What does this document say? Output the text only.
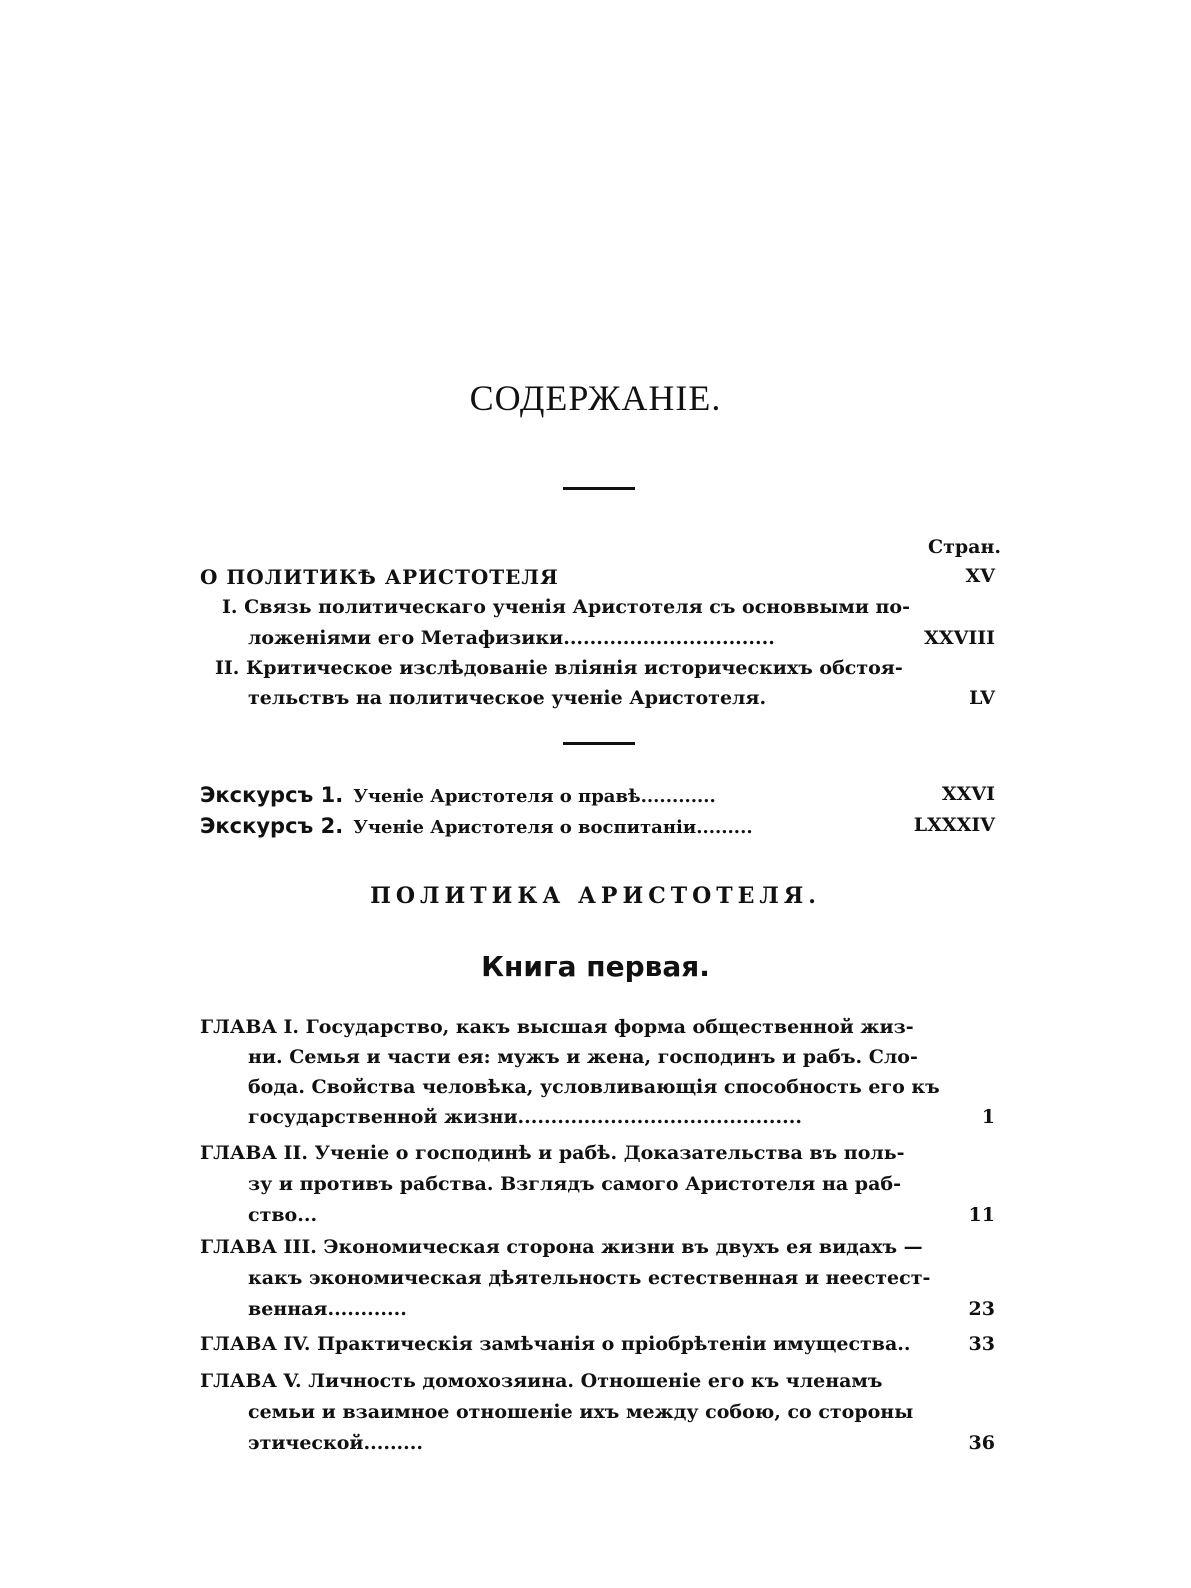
СОДЕРЖАНІЕ.
Стран.
О ПОЛИТИКѢ АРИСТОТЕЛЯ	XV
I. Связь политическаго ученія Аристотеля съ основвыми по-
ложеніями его Метафизики................................	XXVIII
II. Критическое изслѣдованіе вліянія историческихъ обстоя-
тельствъ на политическое ученіе Аристотеля.	LV
Экскурсъ 1. Ученіе Аристотеля о правѣ............	XXVI
Экскурсъ 2. Ученіе Аристотеля о воспитаніи.........	LXXXIV
ПОЛИТИКА АРИСТОТЕЛЯ.
Книга первая.
ГЛАВА I. Государство, какъ высшая форма общественной жиз-
ни. Семья и части ея: мужъ и жена, господинъ и рабъ. Сло-
бода. Свойства человѣка, условливающія способность его къ
государственной жизни...........................................	1
ГЛАВА II. Ученіе о господинѣ и рабѣ. Доказательства въ поль-
зу и противъ рабства. Взглядъ самого Аристотеля на раб-
ство...	11
ГЛАВА III. Экономическая сторона жизни въ двухъ ея видахъ —
какъ экономическая дѣятельность естественная и неестест-
венная............	23
ГЛАВА IV. Практическія замѣчанія о пріобрѣтеніи имущества..	33
ГЛАВА V. Личность домохозяина. Отношеніе его къ членамъ
семьи и взаимное отношеніе ихъ между собою, со стороны
этической.........	36
